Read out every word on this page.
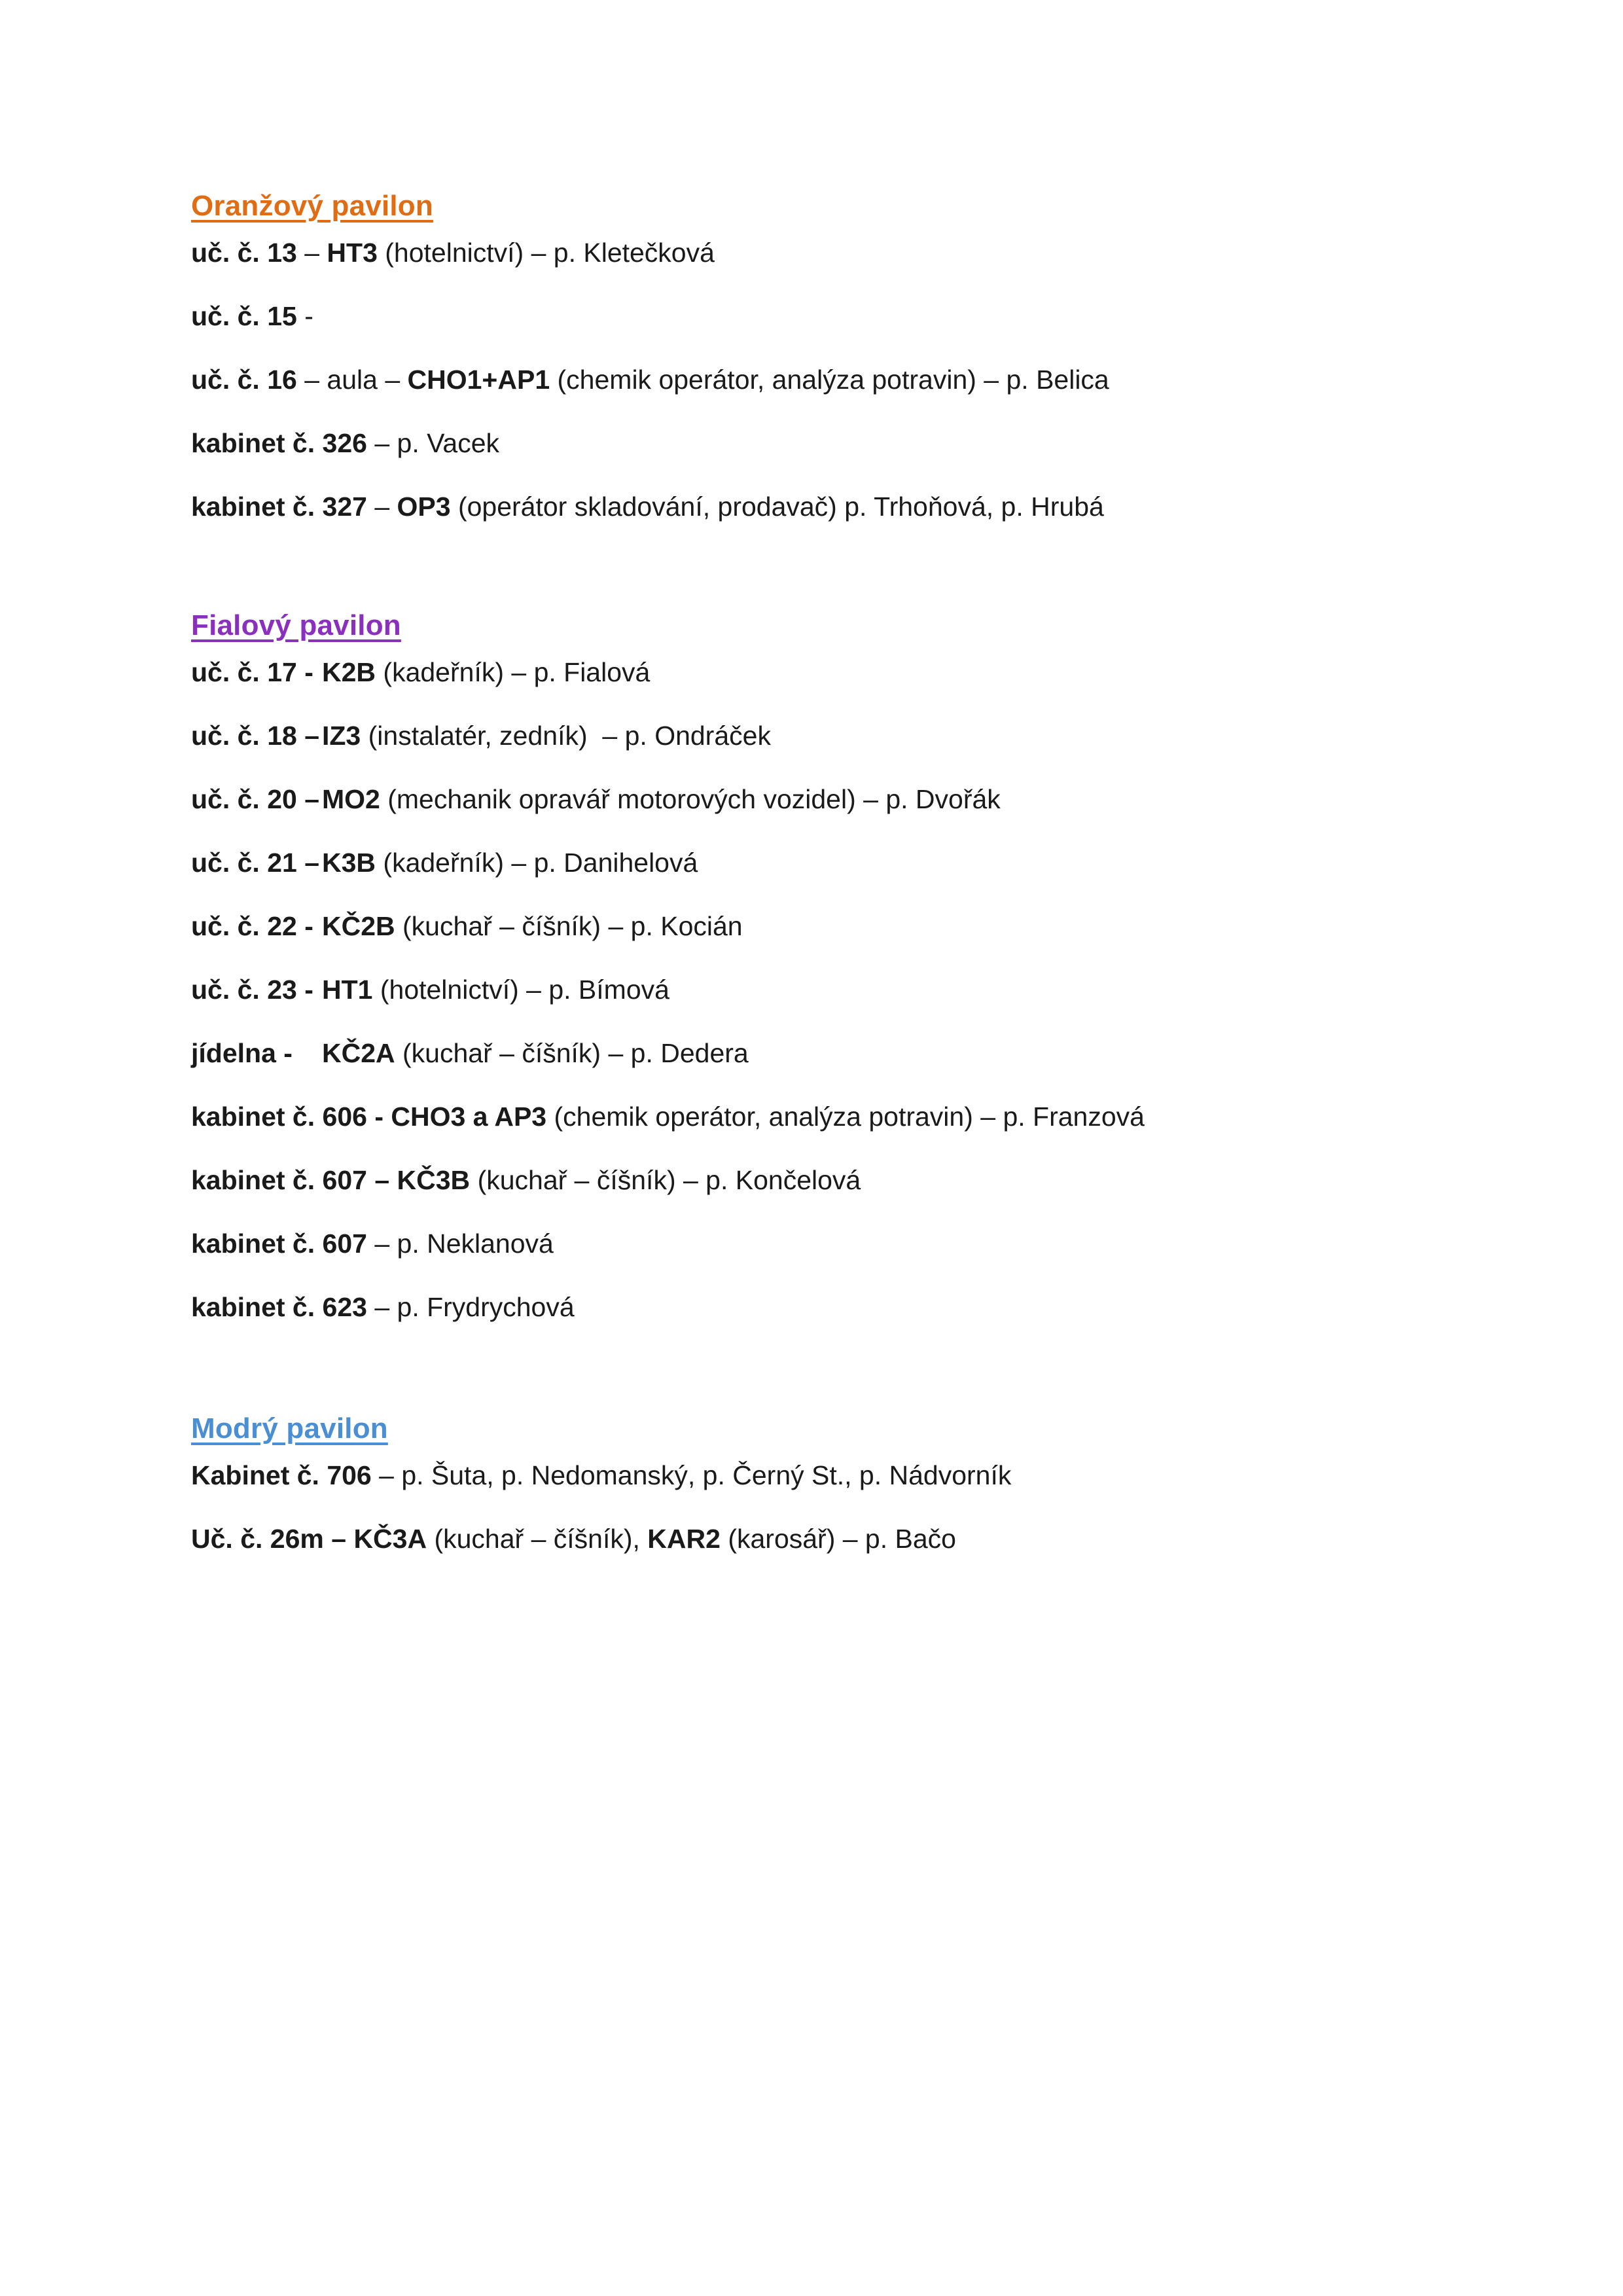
Oranžový pavilon

uč. č. 13 – HT3 (hotelnictví) – p. Kletečková

uč. č. 15 -

uč. č. 16 – aula – CHO1+AP1 (chemik operátor, analýza potravin) – p. Belica

kabinet č. 326 – p. Vacek

kabinet č. 327 – OP3 (operátor skladování, prodavač) p. Trhoňová, p. Hrubá

Fialový pavilon

uč. č. 17 - K2B (kadeřník) – p. Fialová

uč. č. 18 –IZ3 (instalatér, zedník)  – p. Ondráček

uč. č. 20 –MO2 (mechanik opravář motorových vozidel) – p. Dvořák

uč. č. 21 –K3B (kadeřník) – p. Danihelová

uč. č. 22 - KČ2B (kuchař – číšník) – p. Kocián

uč. č. 23 - HT1 (hotelnictví) – p. Bímová

jídelna - KČ2A (kuchař – číšník) – p. Dedera

kabinet č. 606 - CHO3 a AP3 (chemik operátor, analýza potravin) – p. Franzová

kabinet č. 607 – KČ3B (kuchař – číšník) – p. Končelová

kabinet č. 607 – p. Neklanová

kabinet č. 623 – p. Frydrychová

Modrý pavilon

Kabinet č. 706 – p. Šuta, p. Nedomanský, p. Černý St., p. Nádvorník

Uč. č. 26m – KČ3A (kuchař – číšník), KAR2 (karosář) – p. Bačo
